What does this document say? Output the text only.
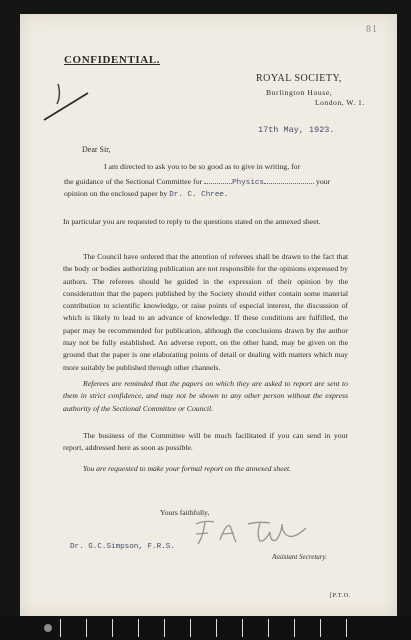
81
CONFIDENTIAL.
ROYAL SOCIETY,
Burlington House,
London, W. 1.
17th May, 1923.
Dear Sir,
I am directed to ask you to be so good as to give in writing, for
the guidance of the Sectional Committee for	Physics	your
opinion on the enclosed paper by Dr. C. Chree.

In particular you are requested to reply to the questions stated on the annexed sheet.

The Council have ordered that the attention of referees shall be drawn to the fact that the body or bodies authorizing publication are not responsible for the opinions expressed by authors. The referees should be guided in the expression of their opinion by the consideration that the papers published by the Society should either contain some material contribution to scientific knowledge, or raise points of especial interest, the discussion of which is likely to lead to an advance of knowledge. If these conditions are fulfilled, the paper may be recommended for publication, although the conclusions drawn by the author may not be fully established. An adverse report, on the other hand, may be given on the ground that the paper is one elaborating points of detail or dealing with matters which may more suitably be published through other channels.

Referees are reminded that the papers on which they are asked to report are sent to them in strict confidence, and may not be shown to any other person without the express authority of the Sectional Committee or Council.

The business of the Committee will be much facilitated if you can send in your report, addressed here as soon as possible.

You are requested to make your formal report on the annexed sheet.

Yours faithfully,
Dr. G.C.Simpson, F.R.S.
Assistant Secretary.
[P.T.O.
